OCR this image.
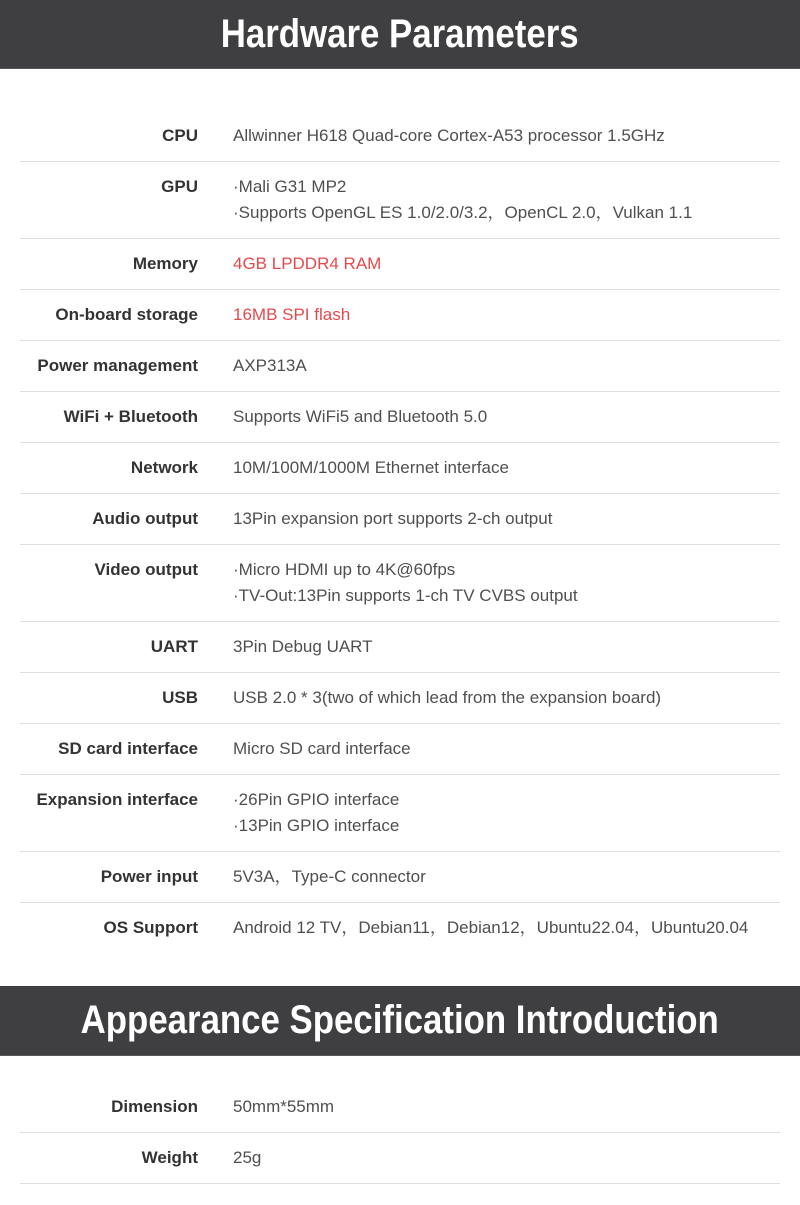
Hardware Parameters
CPU Allwinner H618 Quad-core Cortex-A53 processor 1.5GHz
GPU ·Mali G31 MP2
·Supports OpenGL ES 1.0/2.0/3.2，OpenCL 2.0，Vulkan 1.1
Memory 4GB LPDDR4 RAM
On-board storage 16MB SPI flash
Power management AXP313A
WiFi + Bluetooth Supports WiFi5 and Bluetooth 5.0
Network 10M/100M/1000M Ethernet interface
Audio output 13Pin expansion port supports 2-ch output
Video output ·Micro HDMI up to 4K@60fps
·TV-Out:13Pin supports 1-ch TV CVBS output
UART 3Pin Debug UART
USB USB 2.0 * 3(two of which lead from the expansion board)
SD card interface Micro SD card interface
Expansion interface ·26Pin GPIO interface
·13Pin GPIO interface
Power input 5V3A，Type-C connector
OS Support Android 12 TV，Debian11，Debian12，Ubuntu22.04，Ubuntu20.04
Appearance Specification Introduction
Dimension 50mm*55mm
Weight 25g
